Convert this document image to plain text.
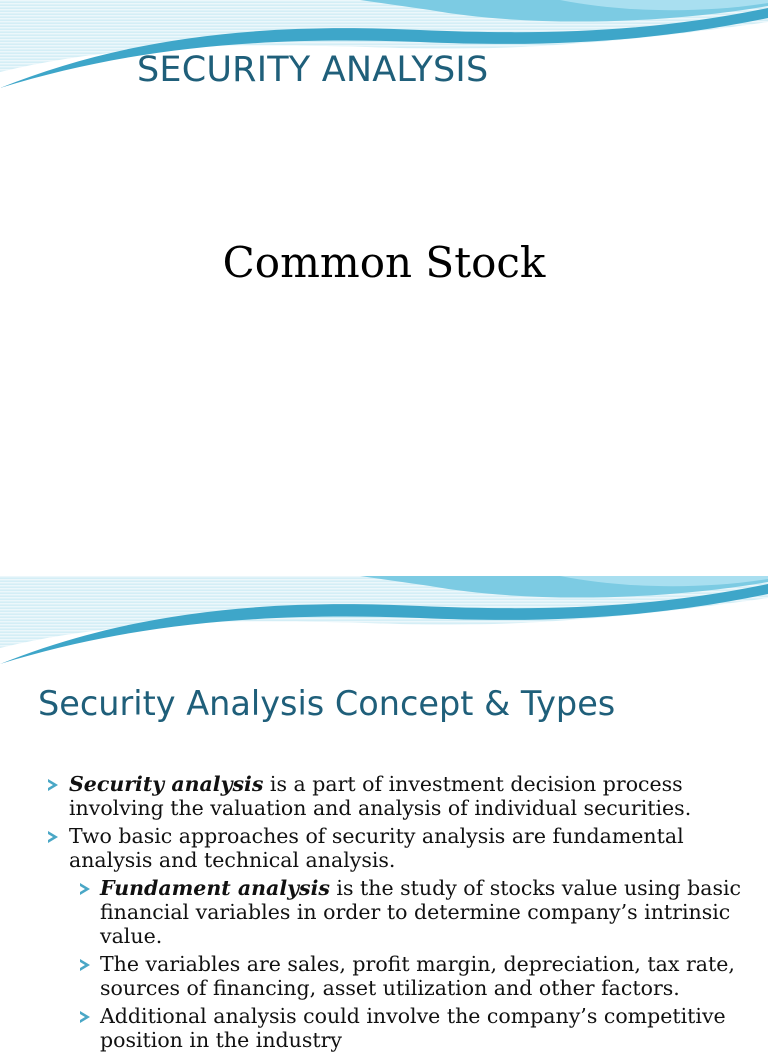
SECURITY ANALYSIS
Common Stock
Security Analysis Concept & Types
Security analysis is a part of investment decision process involving the valuation and analysis of individual securities.
Two basic approaches of security analysis are fundamental analysis and technical analysis.
Fundament analysis is the study of stocks value using basic financial variables in order to determine company’s intrinsic value.
The variables are sales, profit margin, depreciation, tax rate, sources of financing, asset utilization and other factors.
Additional analysis could involve the company’s competitive position in the industry
